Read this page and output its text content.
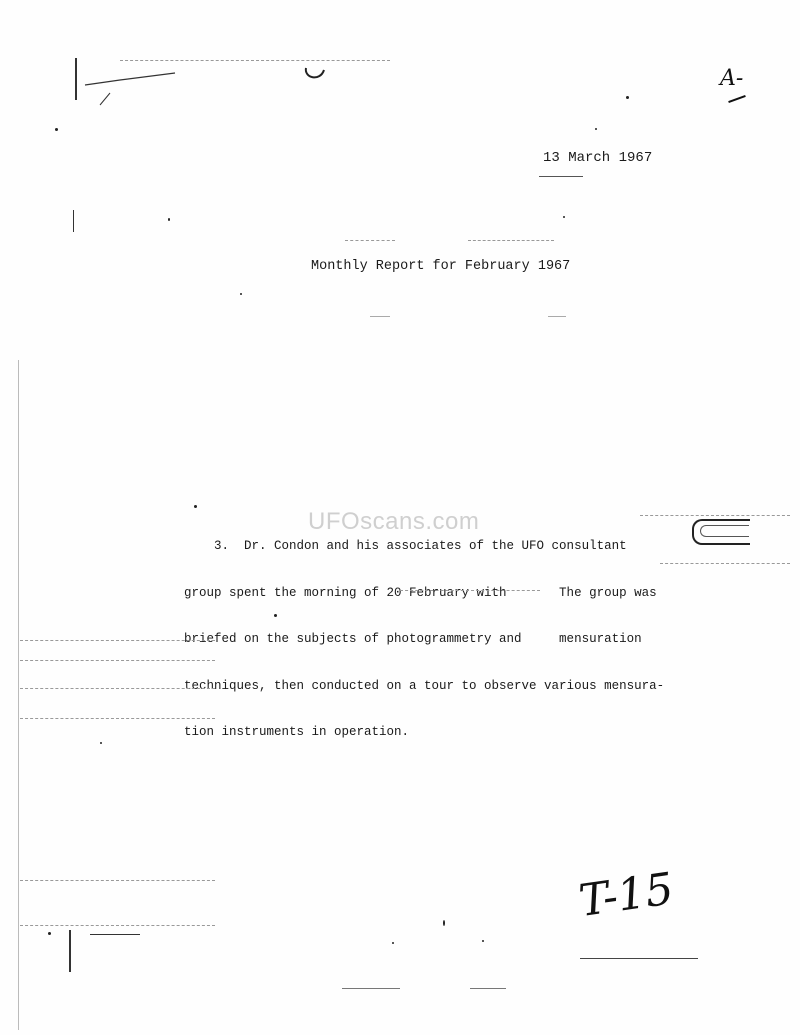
A-
13 March 1967
Monthly Report for February 1967

3.  Dr. Condon and his associates of the UFO consultant

group spent the morning of 20 February with       The group was

briefed on the subjects of photogrammetry and     mensuration

techniques, then conducted on a tour to observe various mensura-

tion instruments in operation.

UFOscans.com
T-15
